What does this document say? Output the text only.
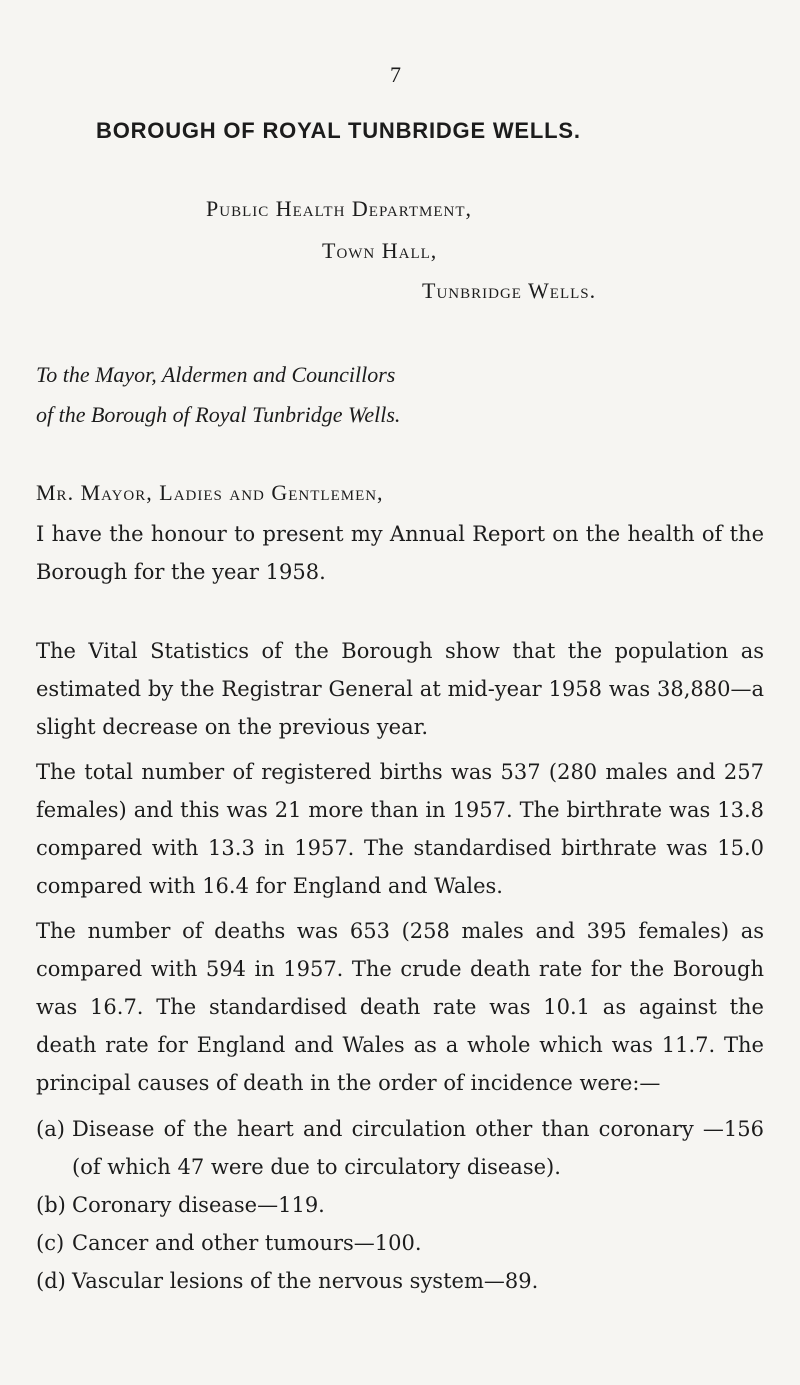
7
BOROUGH OF ROYAL TUNBRIDGE WELLS.
Public Health Department,
Town Hall,
Tunbridge Wells.
To the Mayor, Aldermen and Councillors
of the Borough of Royal Tunbridge Wells.
Mr. Mayor, Ladies and Gentlemen,

I have the honour to present my Annual Report on the health of the Borough for the year 1958.

The Vital Statistics of the Borough show that the population as estimated by the Registrar General at mid-year 1958 was 38,880—a slight decrease on the previous year.

The total number of registered births was 537 (280 males and 257 females) and this was 21 more than in 1957. The birthrate was 13.8 compared with 13.3 in 1957. The standardised birthrate was 15.0 compared with 16.4 for England and Wales.

The number of deaths was 653 (258 males and 395 females) as compared with 594 in 1957. The crude death rate for the Borough was 16.7. The standardised death rate was 10.1 as against the death rate for England and Wales as a whole which was 11.7. The principal causes of death in the order of incidence were:—

(a) Disease of the heart and circulation other than coronary —156 (of which 47 were due to circulatory disease).
(b) Coronary disease—119.
(c) Cancer and other tumours—100.
(d) Vascular lesions of the nervous system—89.
